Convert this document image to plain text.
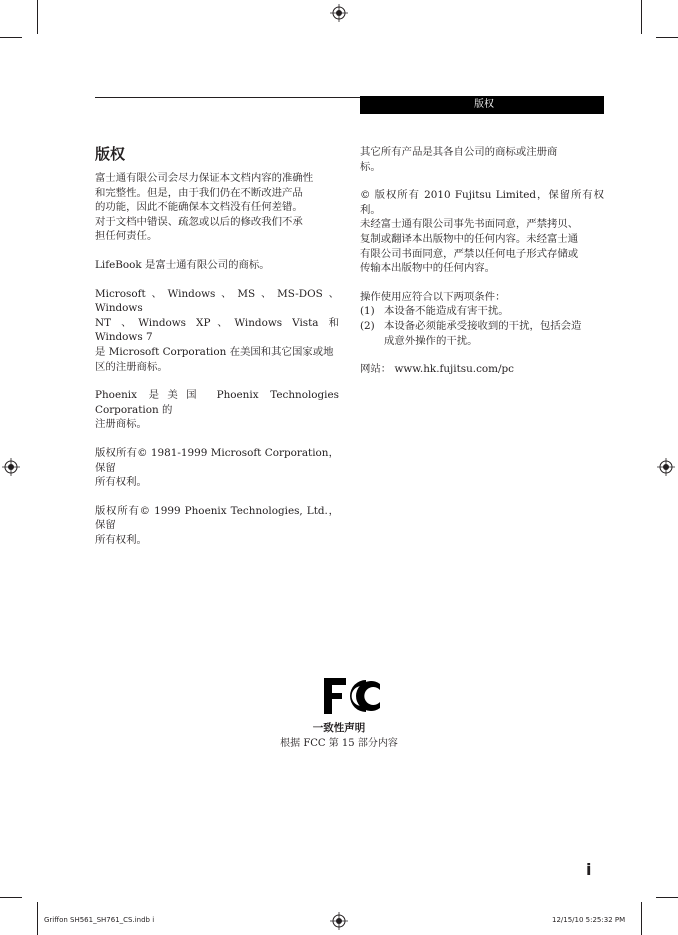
版权

版权

富士通有限公司会尽力保证本文档内容的准确性
和完整性。但是，由于我们仍在不断改进产品
的功能，因此不能确保本文档没有任何差错。
对于文档中错误、疏忽或以后的修改我们不承
担任何责任。

LifeBook 是富士通有限公司的商标。

Microsoft、Windows、MS、MS-DOS、Windows
NT 、Windows XP、Windows Vista 和 Windows 7
是 Microsoft Corporation 在美国和其它国家或地
区的注册商标。

Phoenix 是美国 Phoenix Technologies Corporation 的
注册商标。

版权所有© 1981-1999 Microsoft Corporation，保留
所有权利。

版权所有© 1999 Phoenix Technologies, Ltd.，保留
所有权利。

其它所有产品是其各自公司的商标或注册商
标。

© 版权所有 2010 Fujitsu Limited，保留所有权利。
未经富士通有限公司事先书面同意，严禁拷贝、
复制或翻译本出版物中的任何内容。未经富士通
有限公司书面同意，严禁以任何电子形式存储或
传输本出版物中的任何内容。

操作使用应符合以下两项条件：

(1) 本设备不能造成有害干扰。
(2) 本设备必须能承受接收到的干扰，包括会造
成意外操作的干扰。

网站： www.hk.fujitsu.com/pc

FC
一致性声明
根据 FCC 第 15 部分内容
i
Griffon SH561_SH761_CS.indb i	12/15/10 5:25:32 PM
